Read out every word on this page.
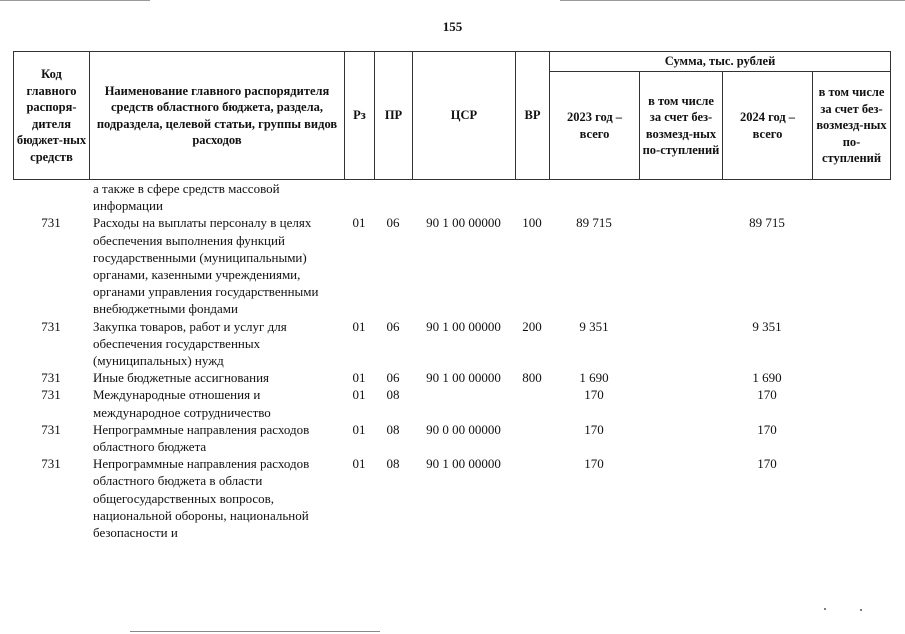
155
Код главного распоря-дителя бюджет-ных средств	Наименование главного распорядителя средств областного бюджета, раздела, подраздела, целевой статьи, группы видов расходов	Рз	ПР	ЦСР	ВР	Сумма, тыс. рублей			
						2023 год – всего	в том числе за счет без-возмезд-ных по-ступлений	2024 год – всего	в том числе за счет без-возмезд-ных по-ступлений
	а также в сфере средств массовой информации								
731	Расходы на выплаты персоналу в целях обеспечения выполнения функций государственными (муниципальными) органами, казенными учреждениями, органами управления государственными внебюджетными фондами	01	06	90 1 00 00000	100	89 715		89 715	
731	Закупка товаров, работ и услуг для обеспечения государственных (муниципальных) нужд	01	06	90 1 00 00000	200	9 351		9 351	
731	Иные бюджетные ассигнования	01	06	90 1 00 00000	800	1 690		1 690	
731	Международные отношения и международное сотрудничество	01	08			170		170	
731	Непрограммные направления расходов областного бюджета	01	08	90 0 00 00000		170		170	
731	Непрограммные направления расходов областного бюджета в области общегосударственных вопросов, национальной обороны, национальной безопасности и	01	08	90 1 00 00000		170		170	
